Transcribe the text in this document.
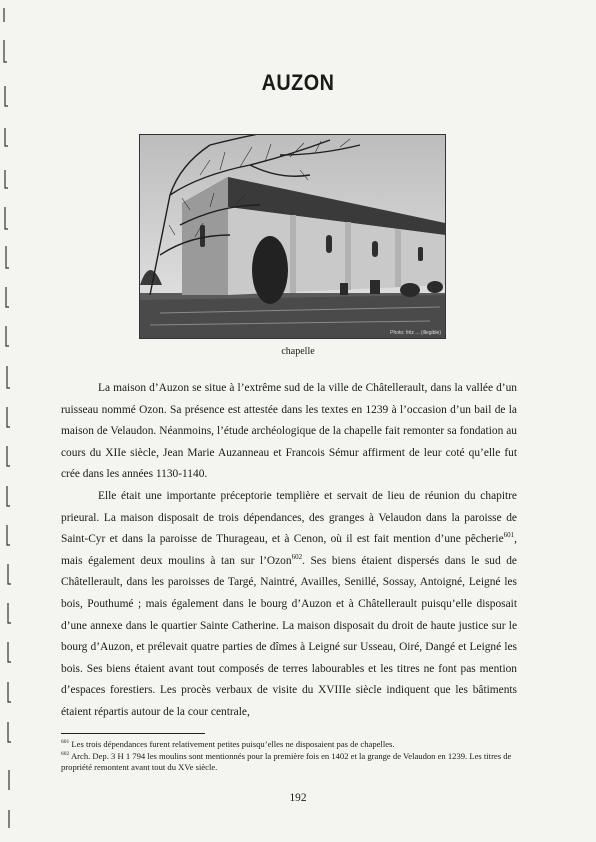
AUZON
Photo: fritz ... (illegible)
chapelle

La maison d’Auzon se situe à l’extrême sud de la ville de Châtellerault, dans la vallée d’un ruisseau nommé Ozon. Sa présence est attestée dans les textes en 1239 à l’occasion d’un bail de la maison de Velaudon. Néanmoins, l’étude archéologique de la chapelle fait remonter sa fondation au cours du XIIe siècle, Jean Marie Auzanneau et Francois Sémur affirment de leur coté qu’elle fut crée dans les années 1130-1140.

Elle était une importante préceptorie templière et servait de lieu de réunion du chapitre prieural. La maison disposait de trois dépendances, des granges à Velaudon dans la paroisse de Saint-Cyr et dans la paroisse de Thurageau, et à Cenon, où il est fait mention d’une pêcherie$^{601}$, mais également deux moulins à tan sur l’Ozon$^{602}$. Ses biens étaient dispersés dans le sud de Châtellerault, dans les paroisses de Targé, Naintré, Availles, Senillé, Sossay, Antoigné, Leigné les bois, Pouthumé ; mais également dans le bourg d’Auzon et à Châtellerault puisqu’elle disposait d’une annexe dans le quartier Sainte Catherine. La maison disposait du droit de haute justice sur le bourg d’Auzon, et prélevait quatre parties de dîmes à Leigné sur Usseau, Oiré, Dangé et Leigné les bois. Ses biens étaient avant tout composés de terres labourables et les titres ne font pas mention d’espaces forestiers. Les procès verbaux de visite du XVIIIe siècle indiquent que les bâtiments étaient répartis autour de la cour centrale,

$^{601}$ Les trois dépendances furent relativement petites puisqu’elles ne disposaient pas de chapelles.

$^{602}$ Arch. Dep. 3 H 1 794 les moulins sont mentionnés pour la première fois en 1402 et la grange de Velaudon en 1239. Les titres de propriété remontent avant tout du XVe siècle.

192
